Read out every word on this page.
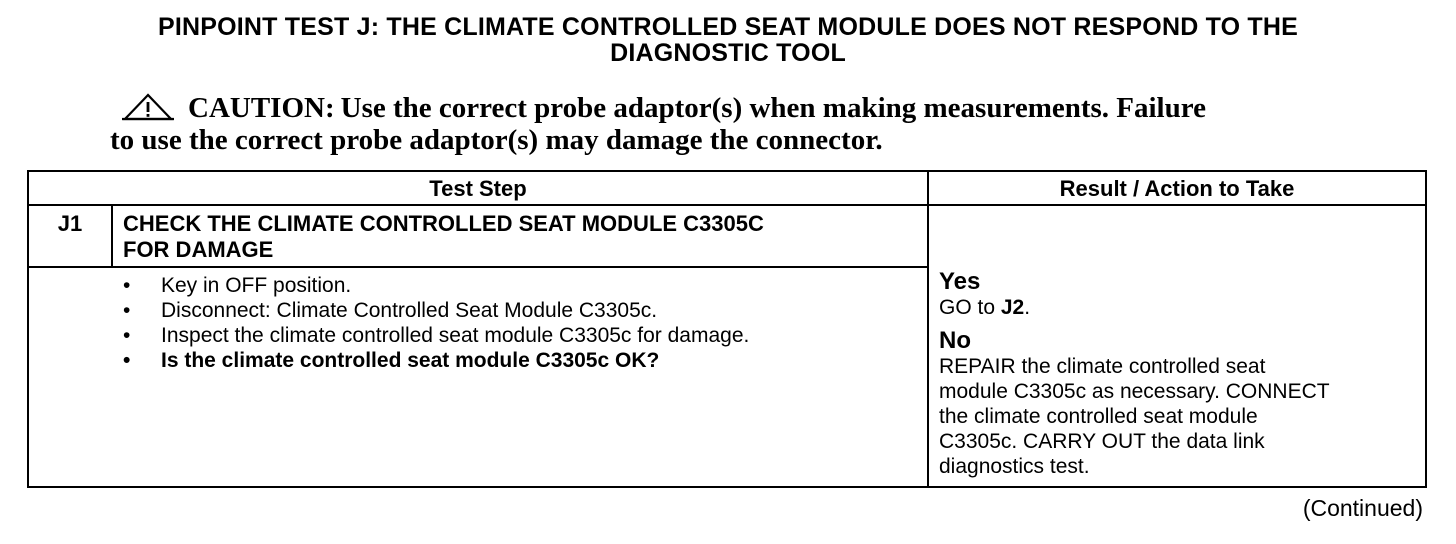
PINPOINT TEST J: THE CLIMATE CONTROLLED SEAT MODULE DOES NOT RESPOND TO THE
DIAGNOSTIC TOOL
CAUTION: Use the correct probe adaptor(s) when making measurements. Failure
to use the correct probe adaptor(s) may damage the connector.
Test Step	Result / Action to Take
J1	CHECK THE CLIMATE CONTROLLED SEAT MODULE C3305C
FOR DAMAGE
• Key in OFF position.
• Disconnect: Climate Controlled Seat Module C3305c.
• Inspect the climate controlled seat module C3305c for damage.
• Is the climate controlled seat module C3305c OK?
Yes
GO to J2.
No
REPAIR the climate controlled seat
module C3305c as necessary. CONNECT
the climate controlled seat module
C3305c. CARRY OUT the data link
diagnostics test.
(Continued)
